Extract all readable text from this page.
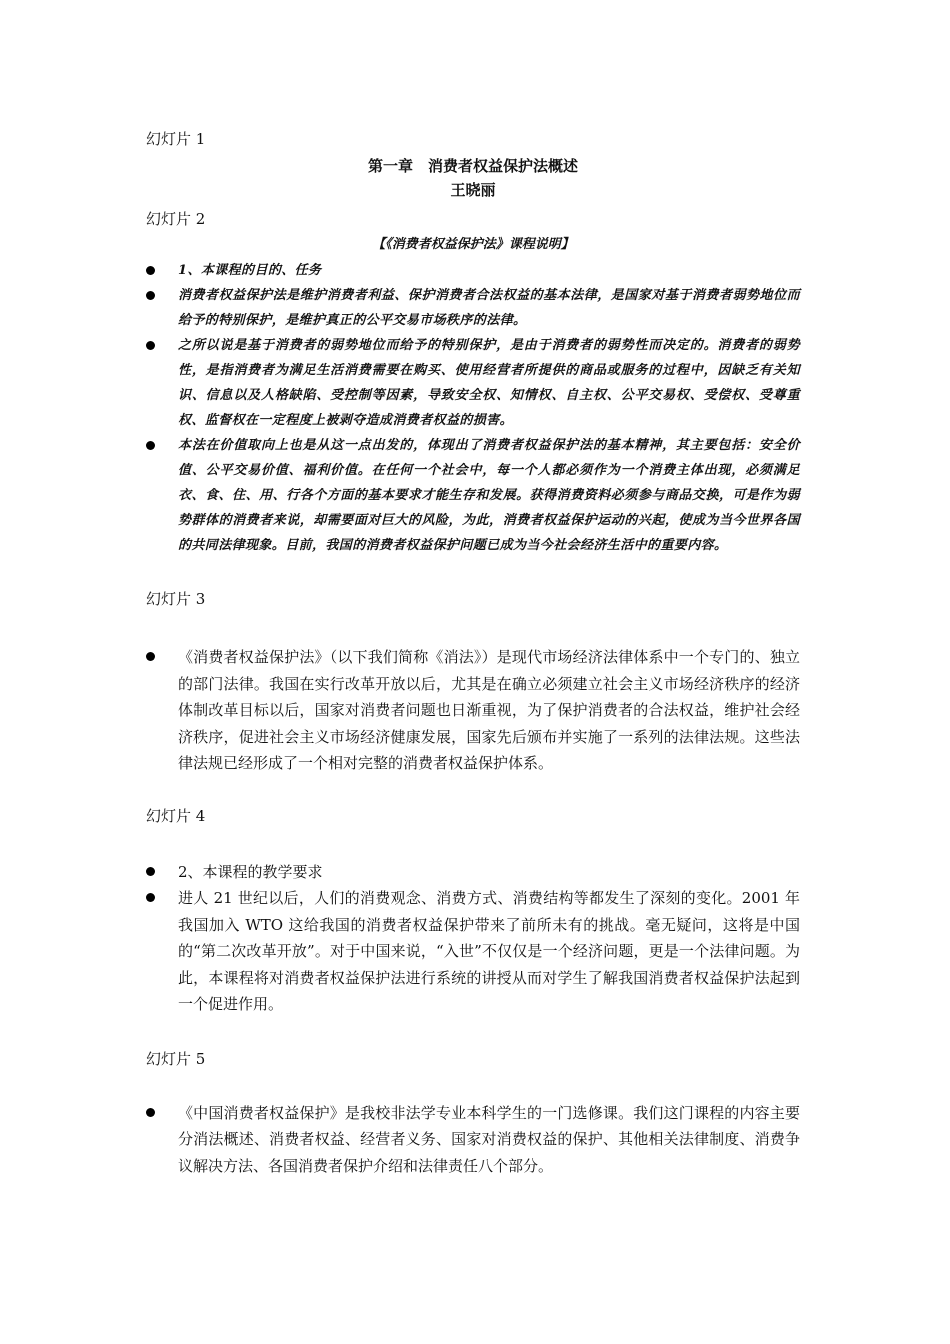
幻灯片 1

第一章　消费者权益保护法概述

王晓丽

幻灯片 2

【《消费者权益保护法》课程说明】

1、本课程的目的、任务
消费者权益保护法是维护消费者利益、保护消费者合法权益的基本法律，是国家对基于消费者弱势地位而给予的特别保护，是维护真正的公平交易市场秩序的法律。
之所以说是基于消费者的弱势地位而给予的特别保护，是由于消费者的弱势性而决定的。消费者的弱势性，是指消费者为满足生活消费需要在购买、使用经营者所提供的商品或服务的过程中，因缺乏有关知识、信息以及人格缺陷、受控制等因素，导致安全权、知情权、自主权、公平交易权、受偿权、受尊重权、监督权在一定程度上被剥夺造成消费者权益的损害。
本法在价值取向上也是从这一点出发的，体现出了消费者权益保护法的基本精神，其主要包括：安全价值、公平交易价值、福利价值。在任何一个社会中，每一个人都必须作为一个消费主体出现，必须满足衣、食、住、用、行各个方面的基本要求才能生存和发展。获得消费资料必须参与商品交换，可是作为弱势群体的消费者来说，却需要面对巨大的风险，为此，消费者权益保护运动的兴起，使成为当今世界各国的共同法律现象。目前，我国的消费者权益保护问题已成为当今社会经济生活中的重要内容。

幻灯片 3

《消费者权益保护法》（以下我们简称《消法》）是现代市场经济法律体系中一个专门的、独立的部门法律。我国在实行改革开放以后，尤其是在确立必须建立社会主义市场经济秩序的经济体制改革目标以后，国家对消费者问题也日渐重视，为了保护消费者的合法权益，维护社会经济秩序，促进社会主义市场经济健康发展，国家先后颁布并实施了一系列的法律法规。这些法律法规已经形成了一个相对完整的消费者权益保护体系。

幻灯片 4

2、本课程的教学要求
进人 21 世纪以后，人们的消费观念、消费方式、消费结构等都发生了深刻的变化。2001 年我国加入 WTO 这给我国的消费者权益保护带来了前所未有的挑战。毫无疑问，这将是中国的“第二次改革开放”。对于中国来说，“入世”不仅仅是一个经济问题，更是一个法律问题。为此，本课程将对消费者权益保护法进行系统的讲授从而对学生了解我国消费者权益保护法起到一个促进作用。

幻灯片 5

《中国消费者权益保护》是我校非法学专业本科学生的一门选修课。我们这门课程的内容主要分消法概述、消费者权益、经营者义务、国家对消费权益的保护、其他相关法律制度、消费争议解决方法、各国消费者保护介绍和法律责任八个部分。
